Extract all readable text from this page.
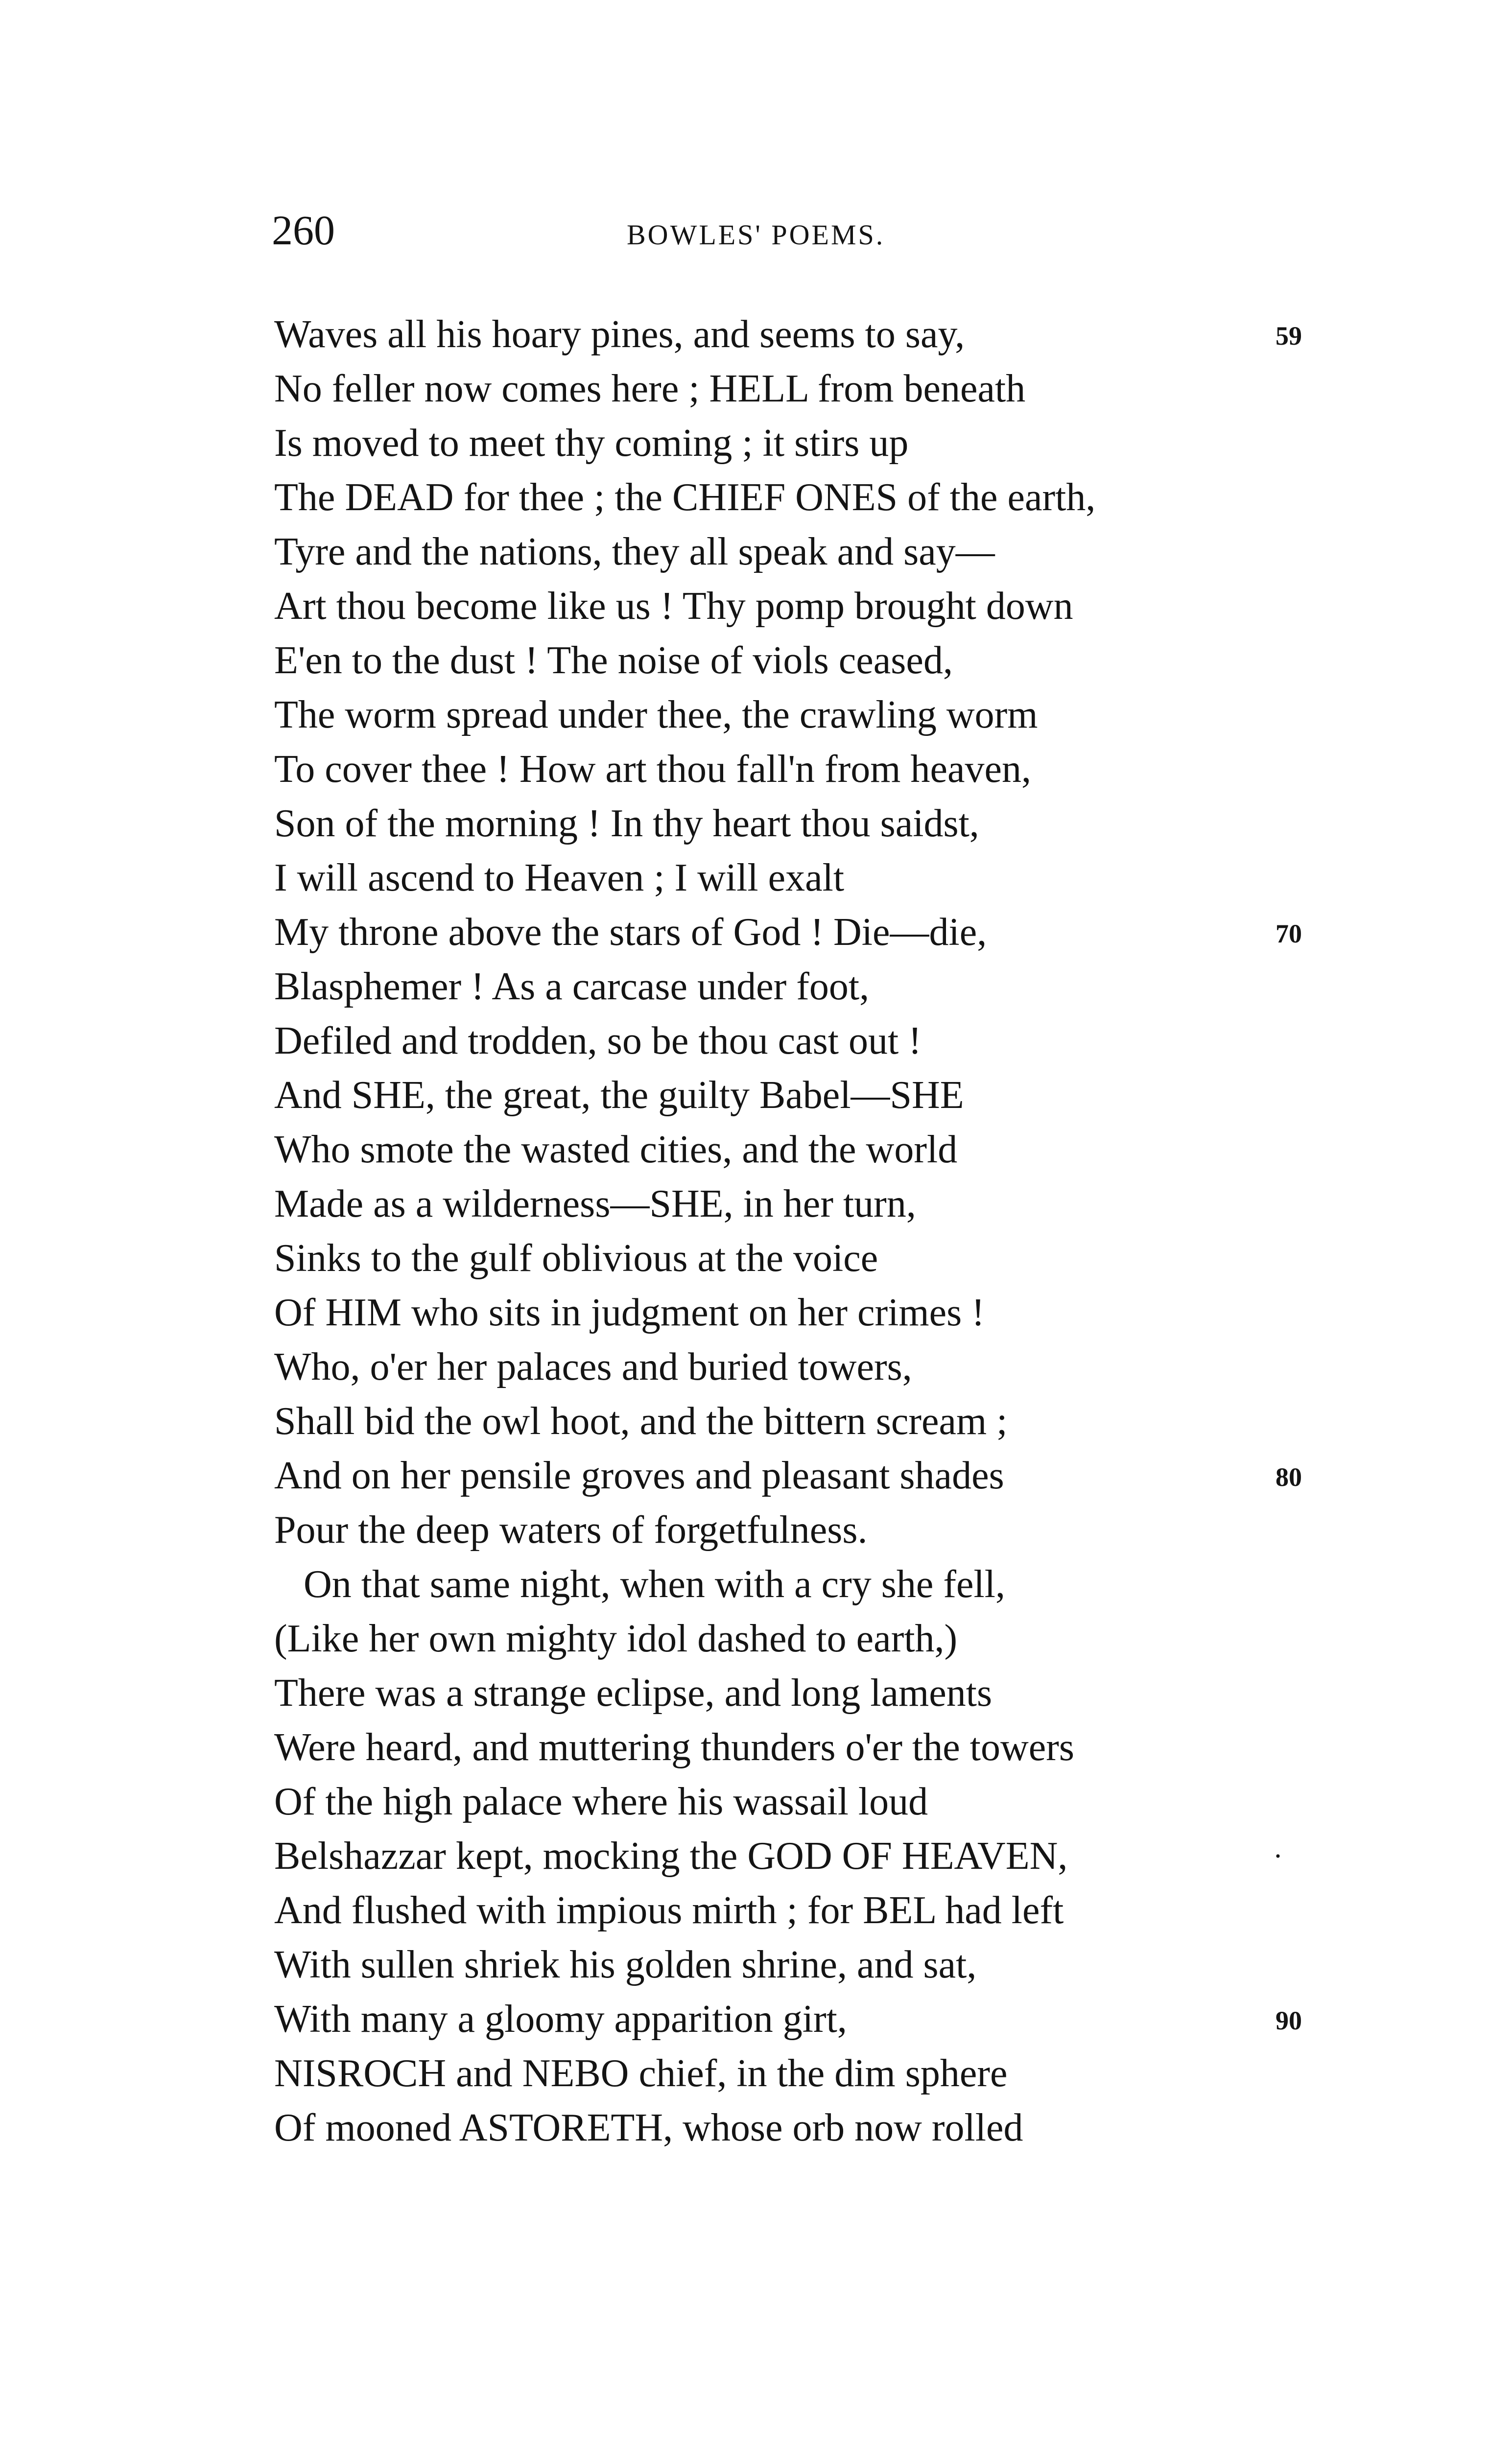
260	BOWLES' POEMS.
Waves all his hoary pines, and seems to say,	59
No feller now comes here ; HELL from beneath
Is moved to meet thy coming ; it stirs up
The DEAD for thee ; the CHIEF ONES of the earth,
Tyre and the nations, they all speak and say—
Art thou become like us ! Thy pomp brought down
E'en to the dust ! The noise of viols ceased,
The worm spread under thee, the crawling worm
To cover thee ! How art thou fall'n from heaven,
Son of the morning ! In thy heart thou saidst,
I will ascend to Heaven ; I will exalt
My throne above the stars of God ! Die—die,	70
Blasphemer ! As a carcase under foot,
Defiled and trodden, so be thou cast out !
And SHE, the great, the guilty Babel—SHE
Who smote the wasted cities, and the world
Made as a wilderness—SHE, in her turn,
Sinks to the gulf oblivious at the voice
Of HIM who sits in judgment on her crimes !
Who, o'er her palaces and buried towers,
Shall bid the owl hoot, and the bittern scream ;
And on her pensile groves and pleasant shades	80
Pour the deep waters of forgetfulness.
On that same night, when with a cry she fell,
(Like her own mighty idol dashed to earth,)
There was a strange eclipse, and long laments
Were heard, and muttering thunders o'er the towers
Of the high palace where his wassail loud
Belshazzar kept, mocking the GOD OF HEAVEN,	·
And flushed with impious mirth ; for BEL had left
With sullen shriek his golden shrine, and sat,
With many a gloomy apparition girt,	90
NISROCH and NEBO chief, in the dim sphere
Of mooned ASTORETH, whose orb now rolled
